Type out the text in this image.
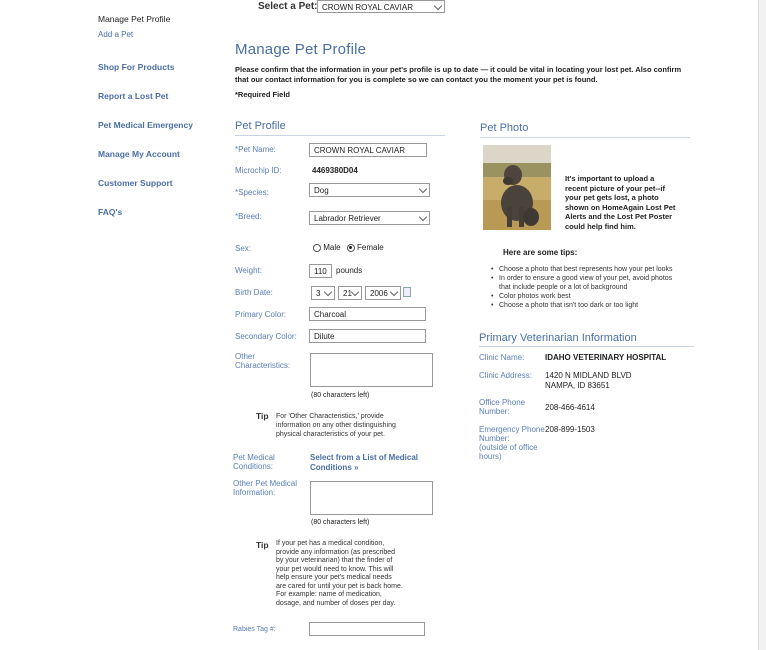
Select a Pet: CROWN ROYAL CAVIAR
Manage Pet Profile
Add a Pet
Shop For Products
Report a Lost Pet
Pet Medical Emergency
Manage My Account
Customer Support
FAQ's
Manage Pet Profile
Please confirm that the information in your pet's profile is up to date — it could be vital in locating your lost pet. Also confirm that our contact information for you is complete so we can contact you the moment your pet is found.
*Required Field
Pet Profile
*Pet Name:	CROWN ROYAL CAVIAR
Microchip ID:	4469380D04
*Species:	Dog
*Breed:	Labrador Retriever
Sex:	Male Female
Weight:	110	pounds
Birth Date:	3	21	2006
Primary Color:	Charcoal
Secondary Color:	Dilute
Other
Characteristics:
(80 characters left)
Tip For 'Other Characteristics,' provide
information on any other distinguishing
physical characteristics of your pet.
Pet Medical
Conditions:
Select from a List of Medical
Conditions »
Other Pet Medical
Information:
(80 characters left)
Tip If your pet has a medical condition,
provide any information (as prescribed
by your veterinarian) that the finder of
your pet would need to know. This will
help ensure your pet's medical needs
are cared for until your pet is back home.
For example: name of medication,
dosage, and number of doses per day.
Rabies Tag #:
Pet Photo
It's important to upload a
recent picture of your pet--if
your pet gets lost, a photo
shown on HomeAgain Lost Pet
Alerts and the Lost Pet Poster
could help find him.
Here are some tips:
• Choose a photo that best represents how your pet looks
• In order to ensure a good view of your pet, avoid photos
that include people or a lot of background
• Color photos work best
• Choose a photo that isn't too dark or too light
Primary Veterinarian Information
Clinic Name:	IDAHO VETERINARY HOSPITAL
Clinic Address: 1420 N MIDLAND BLVD
NAMPA, ID 83651
Office Phone
Number:	208-466-4614
Emergency Phone
Number:
(outside of office
hours)
208-899-1503
